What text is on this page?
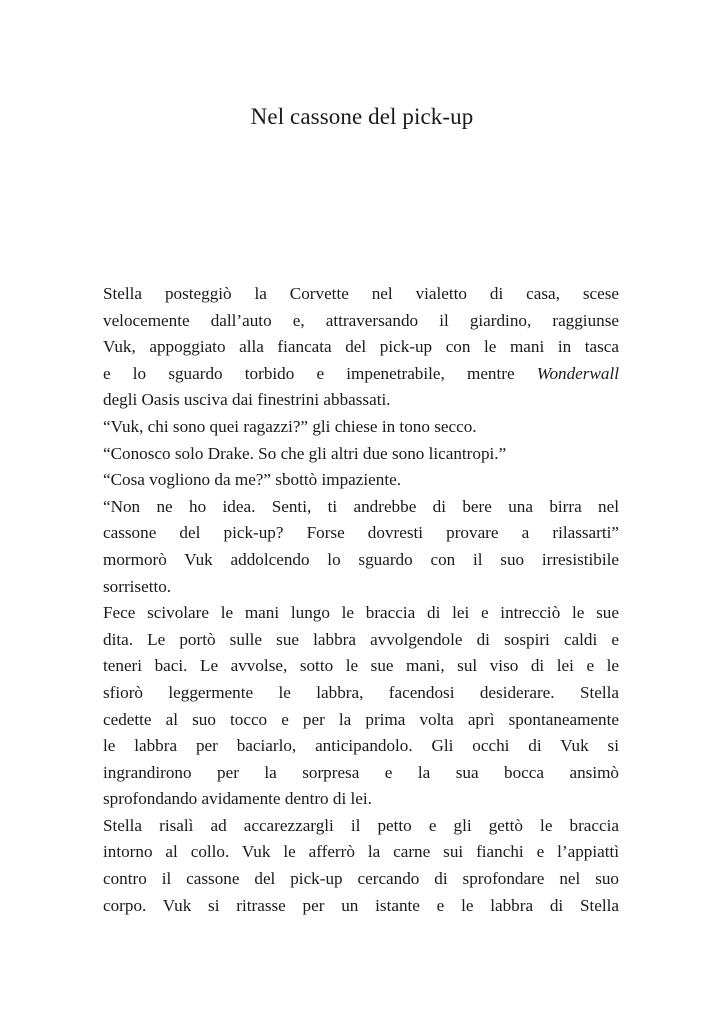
Nel cassone del pick-up

Stella posteggiò la Corvette nel vialetto di casa, scese
velocemente dall’auto e, attraversando il giardino, raggiunse
Vuk, appoggiato alla fiancata del pick-up con le mani in tasca
e lo sguardo torbido e impenetrabile, mentre Wonderwall
degli Oasis usciva dai finestrini abbassati.

“Vuk, chi sono quei ragazzi?” gli chiese in tono secco.

“Conosco solo Drake. So che gli altri due sono licantropi.”

“Cosa vogliono da me?” sbottò impaziente.

“Non ne ho idea. Senti, ti andrebbe di bere una birra nel
cassone del pick-up? Forse dovresti provare a rilassarti”
mormorò Vuk addolcendo lo sguardo con il suo irresistibile
sorrisetto.

Fece scivolare le mani lungo le braccia di lei e intrecciò le sue
dita. Le portò sulle sue labbra avvolgendole di sospiri caldi e
teneri baci. Le avvolse, sotto le sue mani, sul viso di lei e le
sfiorò leggermente le labbra, facendosi desiderare. Stella
cedette al suo tocco e per la prima volta aprì spontaneamente
le labbra per baciarlo, anticipandolo. Gli occhi di Vuk si
ingrandirono per la sorpresa e la sua bocca ansimò
sprofondando avidamente dentro di lei.

Stella risalì ad accarezzargli il petto e gli gettò le braccia
intorno al collo. Vuk le afferrò la carne sui fianchi e l’appiattì
contro il cassone del pick-up cercando di sprofondare nel suo
corpo. Vuk si ritrasse per un istante e le labbra di Stella
